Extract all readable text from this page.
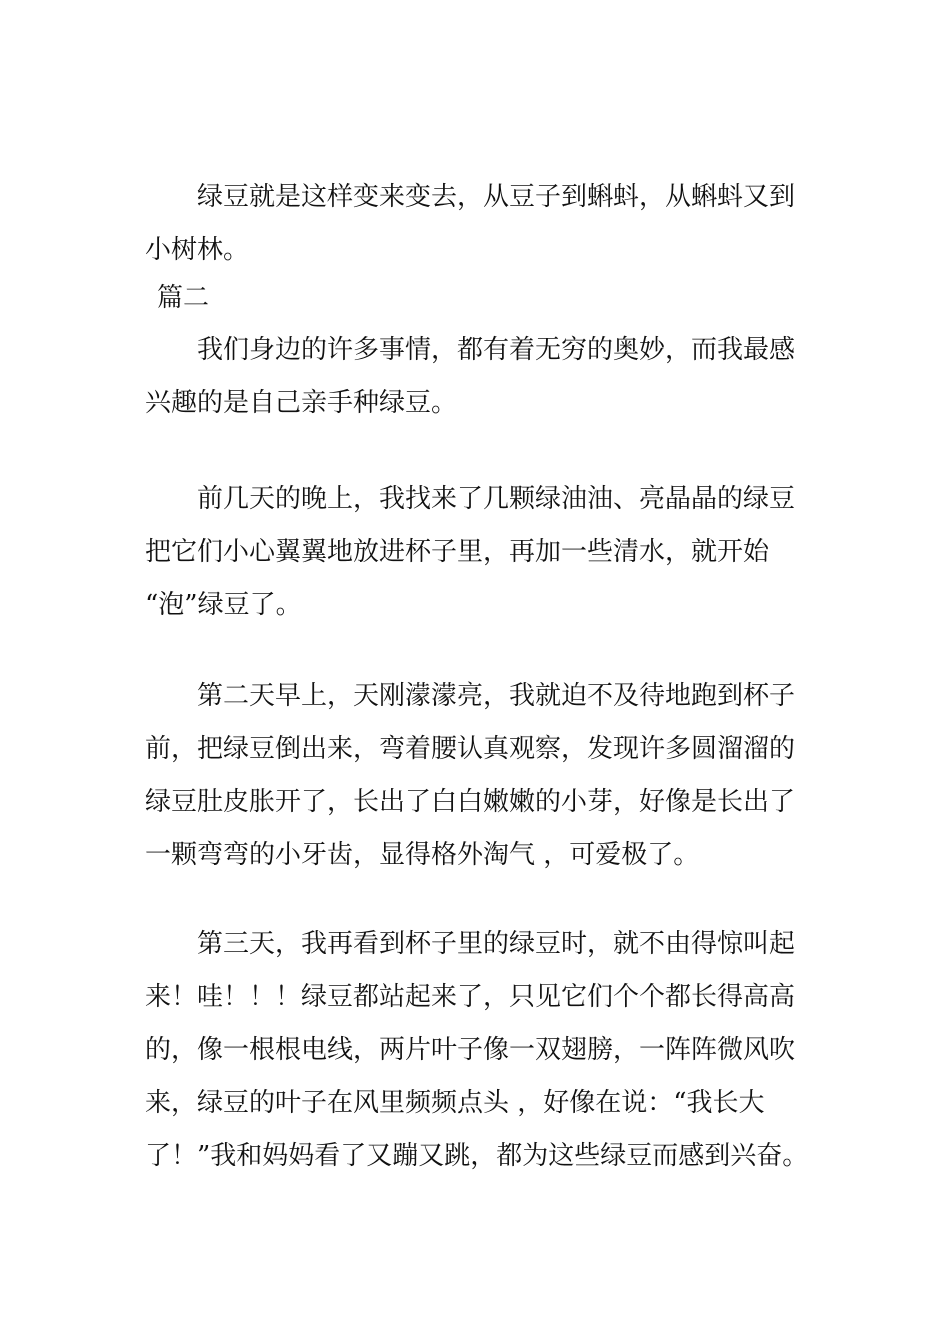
绿豆就是这样变来变去，从豆子到蝌蚪，从蝌蚪又到
小树林。
篇二
我们身边的许多事情，都有着无穷的奥妙，而我最感
兴趣的是自己亲手种绿豆。
前几天的晚上，我找来了几颗绿油油、亮晶晶的绿豆
把它们小心翼翼地放进杯子里，再加一些清水，就开始
“泡”绿豆了。
第二天早上，天刚濛濛亮，我就迫不及待地跑到杯子
前，把绿豆倒出来，弯着腰认真观察，发现许多圆溜溜的
绿豆肚皮胀开了，长出了白白嫩嫩的小芽，好像是长出了
一颗弯弯的小牙齿，显得格外淘气 ，可爱极了。
第三天，我再看到杯子里的绿豆时，就不由得惊叫起
来！哇！！！绿豆都站起来了，只见它们个个都长得高高
的，像一根根电线，两片叶子像一双翅膀，一阵阵微风吹
来，绿豆的叶子在风里频频点头 ，好像在说：“我长大
了！”我和妈妈看了又蹦又跳，都为这些绿豆而感到兴奋。
